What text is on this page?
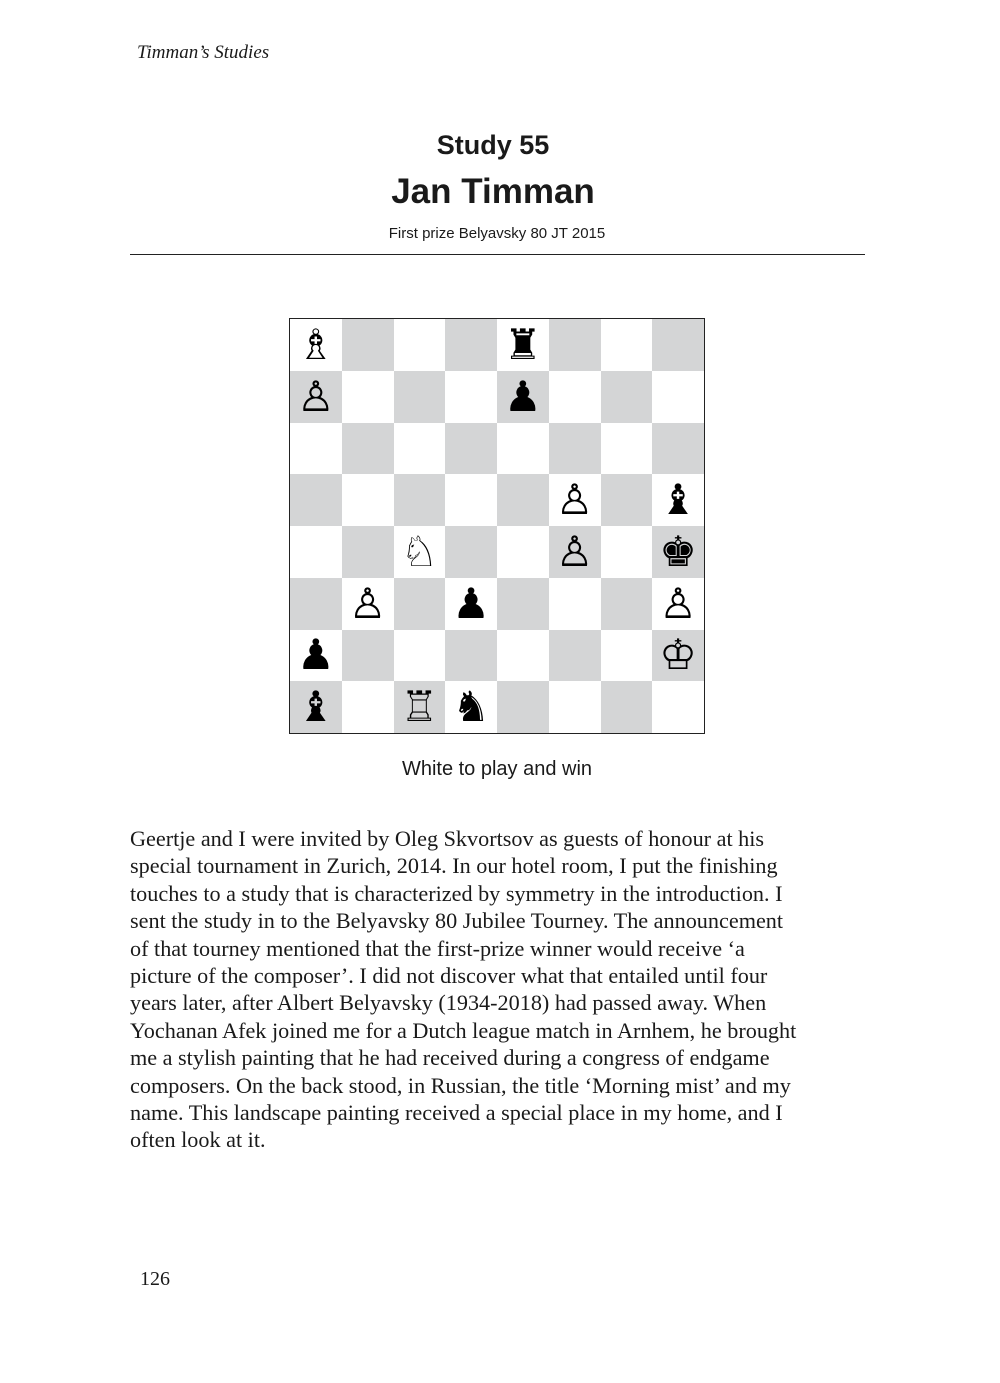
Timman’s Studies
Study 55
Jan Timman
First prize Belyavsky 80 JT 2015
♗	♜
♙	♟
♙ ♝
♘	♙ ♚
♙ ♟	♙
♟	♔
♝ ♖ ♞
White to play and win
Geertje and I were invited by Oleg Skvortsov as guests of honour at his
special tournament in Zurich, 2014. In our hotel room, I put the finishing
touches to a study that is characterized by symmetry in the introduction. I
sent the study in to the Belyavsky 80 Jubilee Tourney. The announcement
of that tourney mentioned that the first-prize winner would receive ‘a
picture of the composer’. I did not discover what that entailed until four
years later, after Albert Belyavsky (1934-2018) had passed away. When
Yochanan Afek joined me for a Dutch league match in Arnhem, he brought
me a stylish painting that he had received during a congress of endgame
composers. On the back stood, in Russian, the title ‘Morning mist’ and my
name. This landscape painting received a special place in my home, and I
often look at it.
126
